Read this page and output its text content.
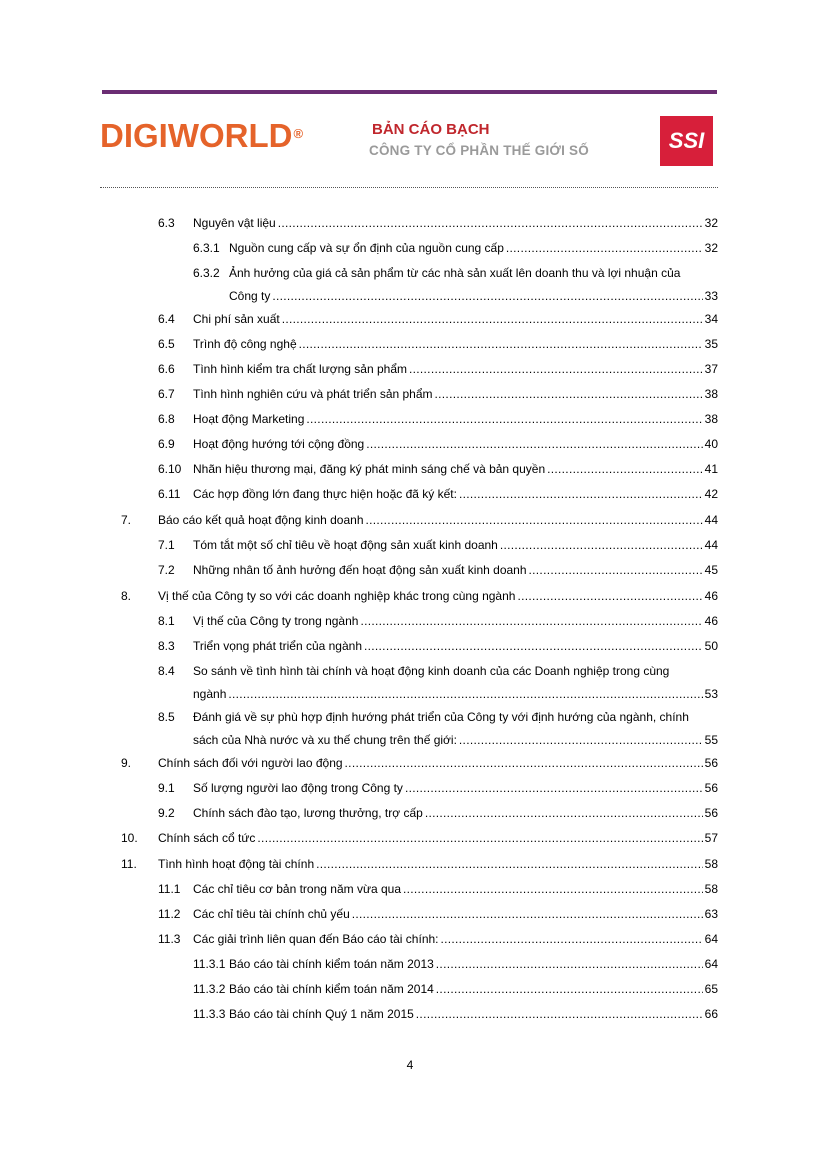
DIGIWORLD®	BẢN CÁO BẠCH
CÔNG TY CỔ PHẦN THẾ GIỚI SỐ	SSI
6.3 Nguyên vật liệu .....	32
6.3.1 Nguồn cung cấp và sự ổn định của nguồn cung cấp .....	32
6.3.2 Ảnh hưởng của giá cả sản phẩm từ các nhà sản xuất lên doanh thu và lợi nhuận của
Công ty .....	33
6.4 Chi phí sản xuất .....	34
6.5 Trình độ công nghệ .....	35
6.6 Tình hình kiểm tra chất lượng sản phẩm .....	37
6.7 Tình hình nghiên cứu và phát triển sản phẩm .....	38
6.8 Hoạt động Marketing .....	38
6.9 Hoạt động hướng tới cộng đồng .....	40
6.10 Nhãn hiệu thương mại, đăng ký phát minh sáng chế và bản quyền .....	41
6.11 Các hợp đồng lớn đang thực hiện hoặc đã ký kết: .....	42
7. Báo cáo kết quả hoạt động kinh doanh .....	44
7.1 Tóm tắt một số chỉ tiêu về hoạt động sản xuất kinh doanh .....	44
7.2 Những nhân tố ảnh hưởng đến hoạt động sản xuất kinh doanh .....	45
8. Vị thế của Công ty so với các doanh nghiệp khác trong cùng ngành .....	46
8.1 Vị thế của Công ty trong ngành .....	46
8.3 Triển vọng phát triển của ngành .....	50
8.4 So sánh về tình hình tài chính và hoạt động kinh doanh của các Doanh nghiệp trong cùng
ngành .....	53
8.5 Đánh giá về sự phù hợp định hướng phát triển của Công ty với định hướng của ngành, chính
sách của Nhà nước và xu thế chung trên thế giới: .....	55
9. Chính sách đối với người lao động .....	56
9.1 Số lượng người lao động trong Công ty .....	56
9.2 Chính sách đào tạo, lương thưởng, trợ cấp .....	56
10. Chính sách cổ tức .....	57
11. Tình hình hoạt động tài chính .....	58
11.1 Các chỉ tiêu cơ bản trong năm vừa qua .....	58
11.2 Các chỉ tiêu tài chính chủ yếu .....	63
11.3 Các giải trình liên quan đến Báo cáo tài chính: .....	64
11.3.1 Báo cáo tài chính kiểm toán năm 2013 .....	64
11.3.2 Báo cáo tài chính kiểm toán năm 2014 .....	65
11.3.3 Báo cáo tài chính Quý 1 năm 2015 .....	66
4
